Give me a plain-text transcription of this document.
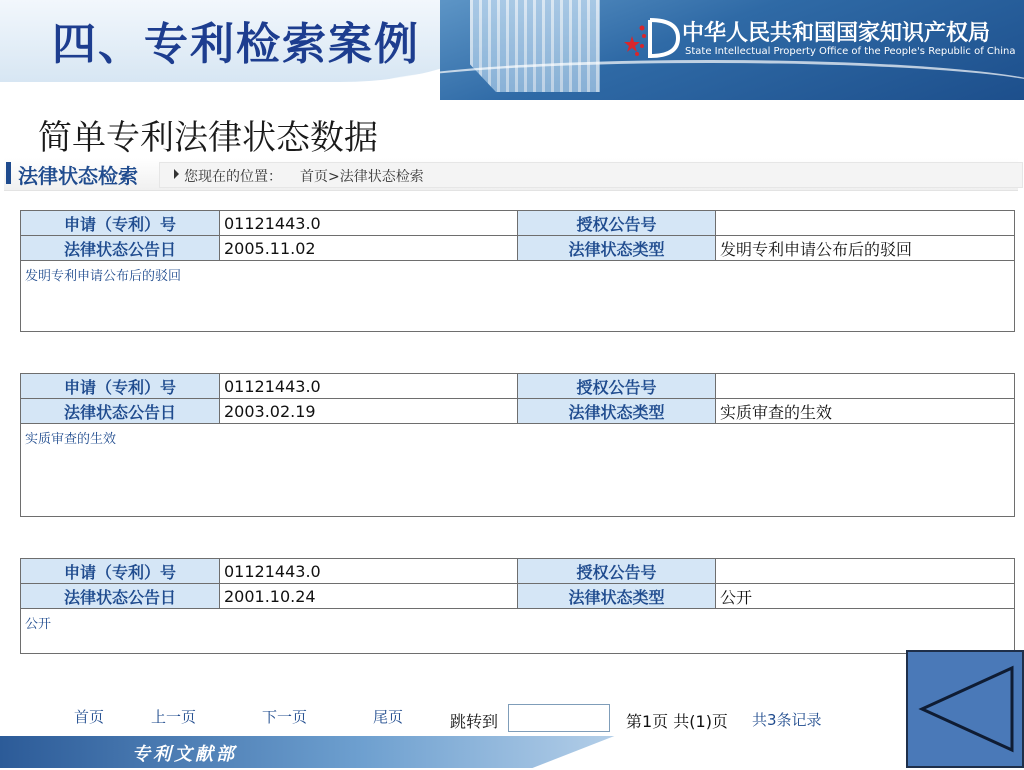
四、专利检索案例	中华人民共和国国家知识产权局
State Intellectual Property Office of the People's Republic of China
简单专利法律状态数据
法律状态检索	您现在的位置： 首页>法律状态检索
申请（专利）号	01121443.0	授权公告号	
法律状态公告日	2005.11.02	法律状态类型	发明专利申请公布后的驳回
发明专利申请公布后的驳回			
申请（专利）号	01121443.0	授权公告号	
法律状态公告日	2003.02.19	法律状态类型	实质审查的生效
实质审查的生效			
申请（专利）号	01121443.0	授权公告号	
法律状态公告日	2001.10.24	法律状态类型	公开
公开			
首页	上一页	下一页	尾页	跳转到	第1页 共(1)页 共3条记录
专利文献部
